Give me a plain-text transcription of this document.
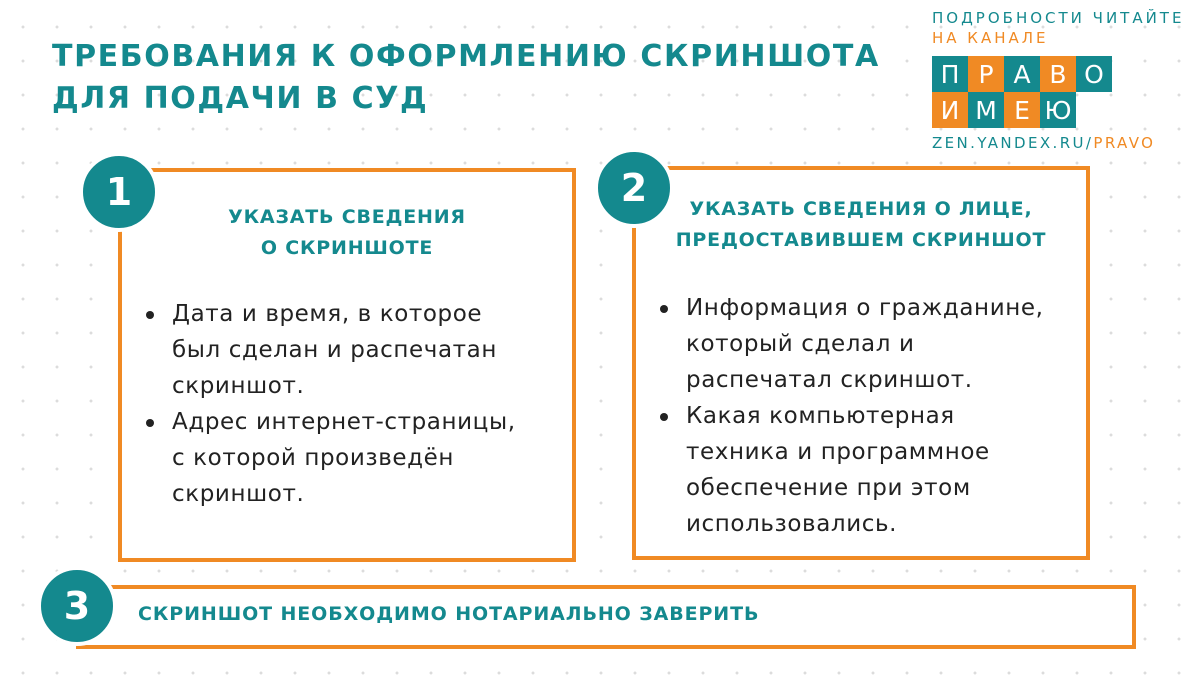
ТРЕБОВАНИЯ К ОФОРМЛЕНИЮ СКРИНШОТА
ДЛЯ ПОДАЧИ В СУД
ПОДРОБНОСТИ ЧИТАЙТЕ
НА КАНАЛЕ
П Р А В О
И М Е Ю
ZEN.YANDEX.RU/PRAVO
УКАЗАТЬ СВЕДЕНИЯ
О СКРИНШОТЕ
Дата и время, в которое
был сделан и распечатан
скриншот.
Адрес интернет-страницы,
с которой произведён
скриншот.
1	УКАЗАТЬ СВЕДЕНИЯ О ЛИЦЕ,
ПРЕДОСТАВИВШЕМ СКРИНШОТ
Информация о гражданине,
который сделал и
распечатал скриншот.
Какая компьютерная
техника и программное
обеспечение при этом
использовались.
2
СКРИНШОТ НЕОБХОДИМО НОТАРИАЛЬНО ЗАВЕРИТЬ
3
